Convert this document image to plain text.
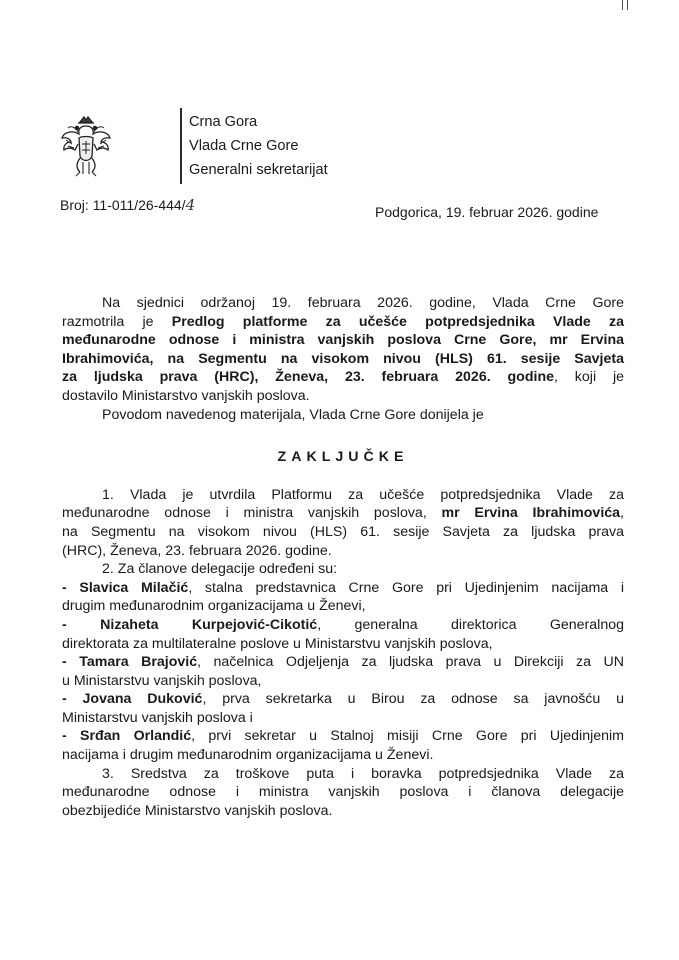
Crna Gora
Vlada Crne Gore
Generalni sekretarijat
Broj: 11-011/26-444/4	Podgorica, 19. februar 2026. godine

Na sjednici održanoj 19. februara 2026. godine, Vlada Crne Gore

razmotrila je Predlog platforme za učešće potpredsjednika Vlade za

međunarodne odnose i ministra vanjskih poslova Crne Gore, mr Ervina

Ibrahimovića, na Segmentu na visokom nivou (HLS) 61. sesije Savjeta

za ljudska prava (HRC), Ženeva, 23. februara 2026. godine, koji je

dostavilo Ministarstvo vanjskih poslova.

Povodom navedenog materijala, Vlada Crne Gore donijela je

ZAKLJUČKE

1. Vlada je utvrdila Platformu za učešće potpredsjednika Vlade za

međunarodne odnose i ministra vanjskih poslova, mr Ervina Ibrahimovića,

na Segmentu na visokom nivou (HLS) 61. sesije Savjeta za ljudska prava

(HRC), Ženeva, 23. februara 2026. godine.

2. Za članove delegacije određeni su:

- Slavica Milačić, stalna predstavnica Crne Gore pri Ujedinjenim nacijama i

drugim međunarodnim organizacijama u Ženevi,

- Nizaheta Kurpejović-Cikotić, generalna direktorica Generalnog

direktorata za multilateralne poslove u Ministarstvu vanjskih poslova,

- Tamara Brajović, načelnica Odjeljenja za ljudska prava u Direkciji za UN

u Ministarstvu vanjskih poslova,

- Jovana Duković, prva sekretarka u Birou za odnose sa javnošću u

Ministarstvu vanjskih poslova i

- Srđan Orlandić, prvi sekretar u Stalnoj misiji Crne Gore pri Ujedinjenim

nacijama i drugim međunarodnim organizacijama u Ženevi.

3. Sredstva za troškove puta i boravka potpredsjednika Vlade za

međunarodne odnose i ministra vanjskih poslova i članova delegacije

obezbijediće Ministarstvo vanjskih poslova.
